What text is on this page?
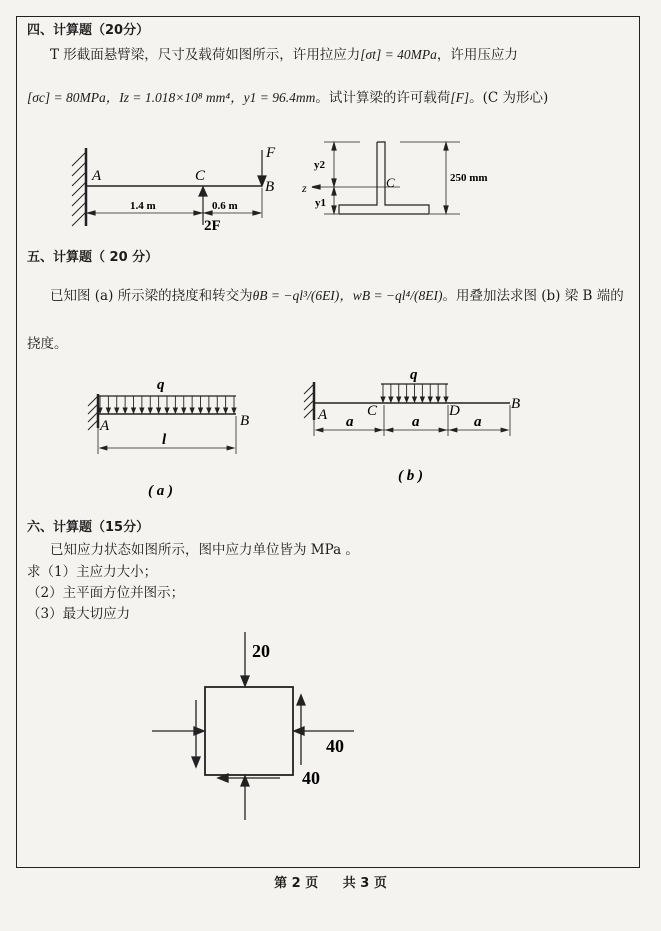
四、计算题（20分）
T 形截面悬臂梁，尺寸及载荷如图所示，许用拉应力[σt] = 40MPa，许用压应力
[σc] = 80MPa，Iz = 1.018×10⁸ mm⁴，y1 = 96.4mm。试计算梁的许可载荷[F]。(C 为形心)
A	C
B
F
2F
1.4 m	0.6 m
y2
y1
z	C	250 mm
五、计算题（ 20 分）
已知图 (a) 所示梁的挠度和转交为θB = −ql³/(6EI)，wB = −ql⁴/(8EI)。用叠加法求图 (b) 梁 B 端的
挠度。
q
A	B
l
( a )
q
A	C	D	B
a	a	a
( b )
六、计算题（15分）
已知应力状态如图所示，图中应力单位皆为 MPa 。
求（1）主应力大小；
（2）主平面方位并图示；
（3）最大切应力
20
40
40
第 2 页 共 3 页
